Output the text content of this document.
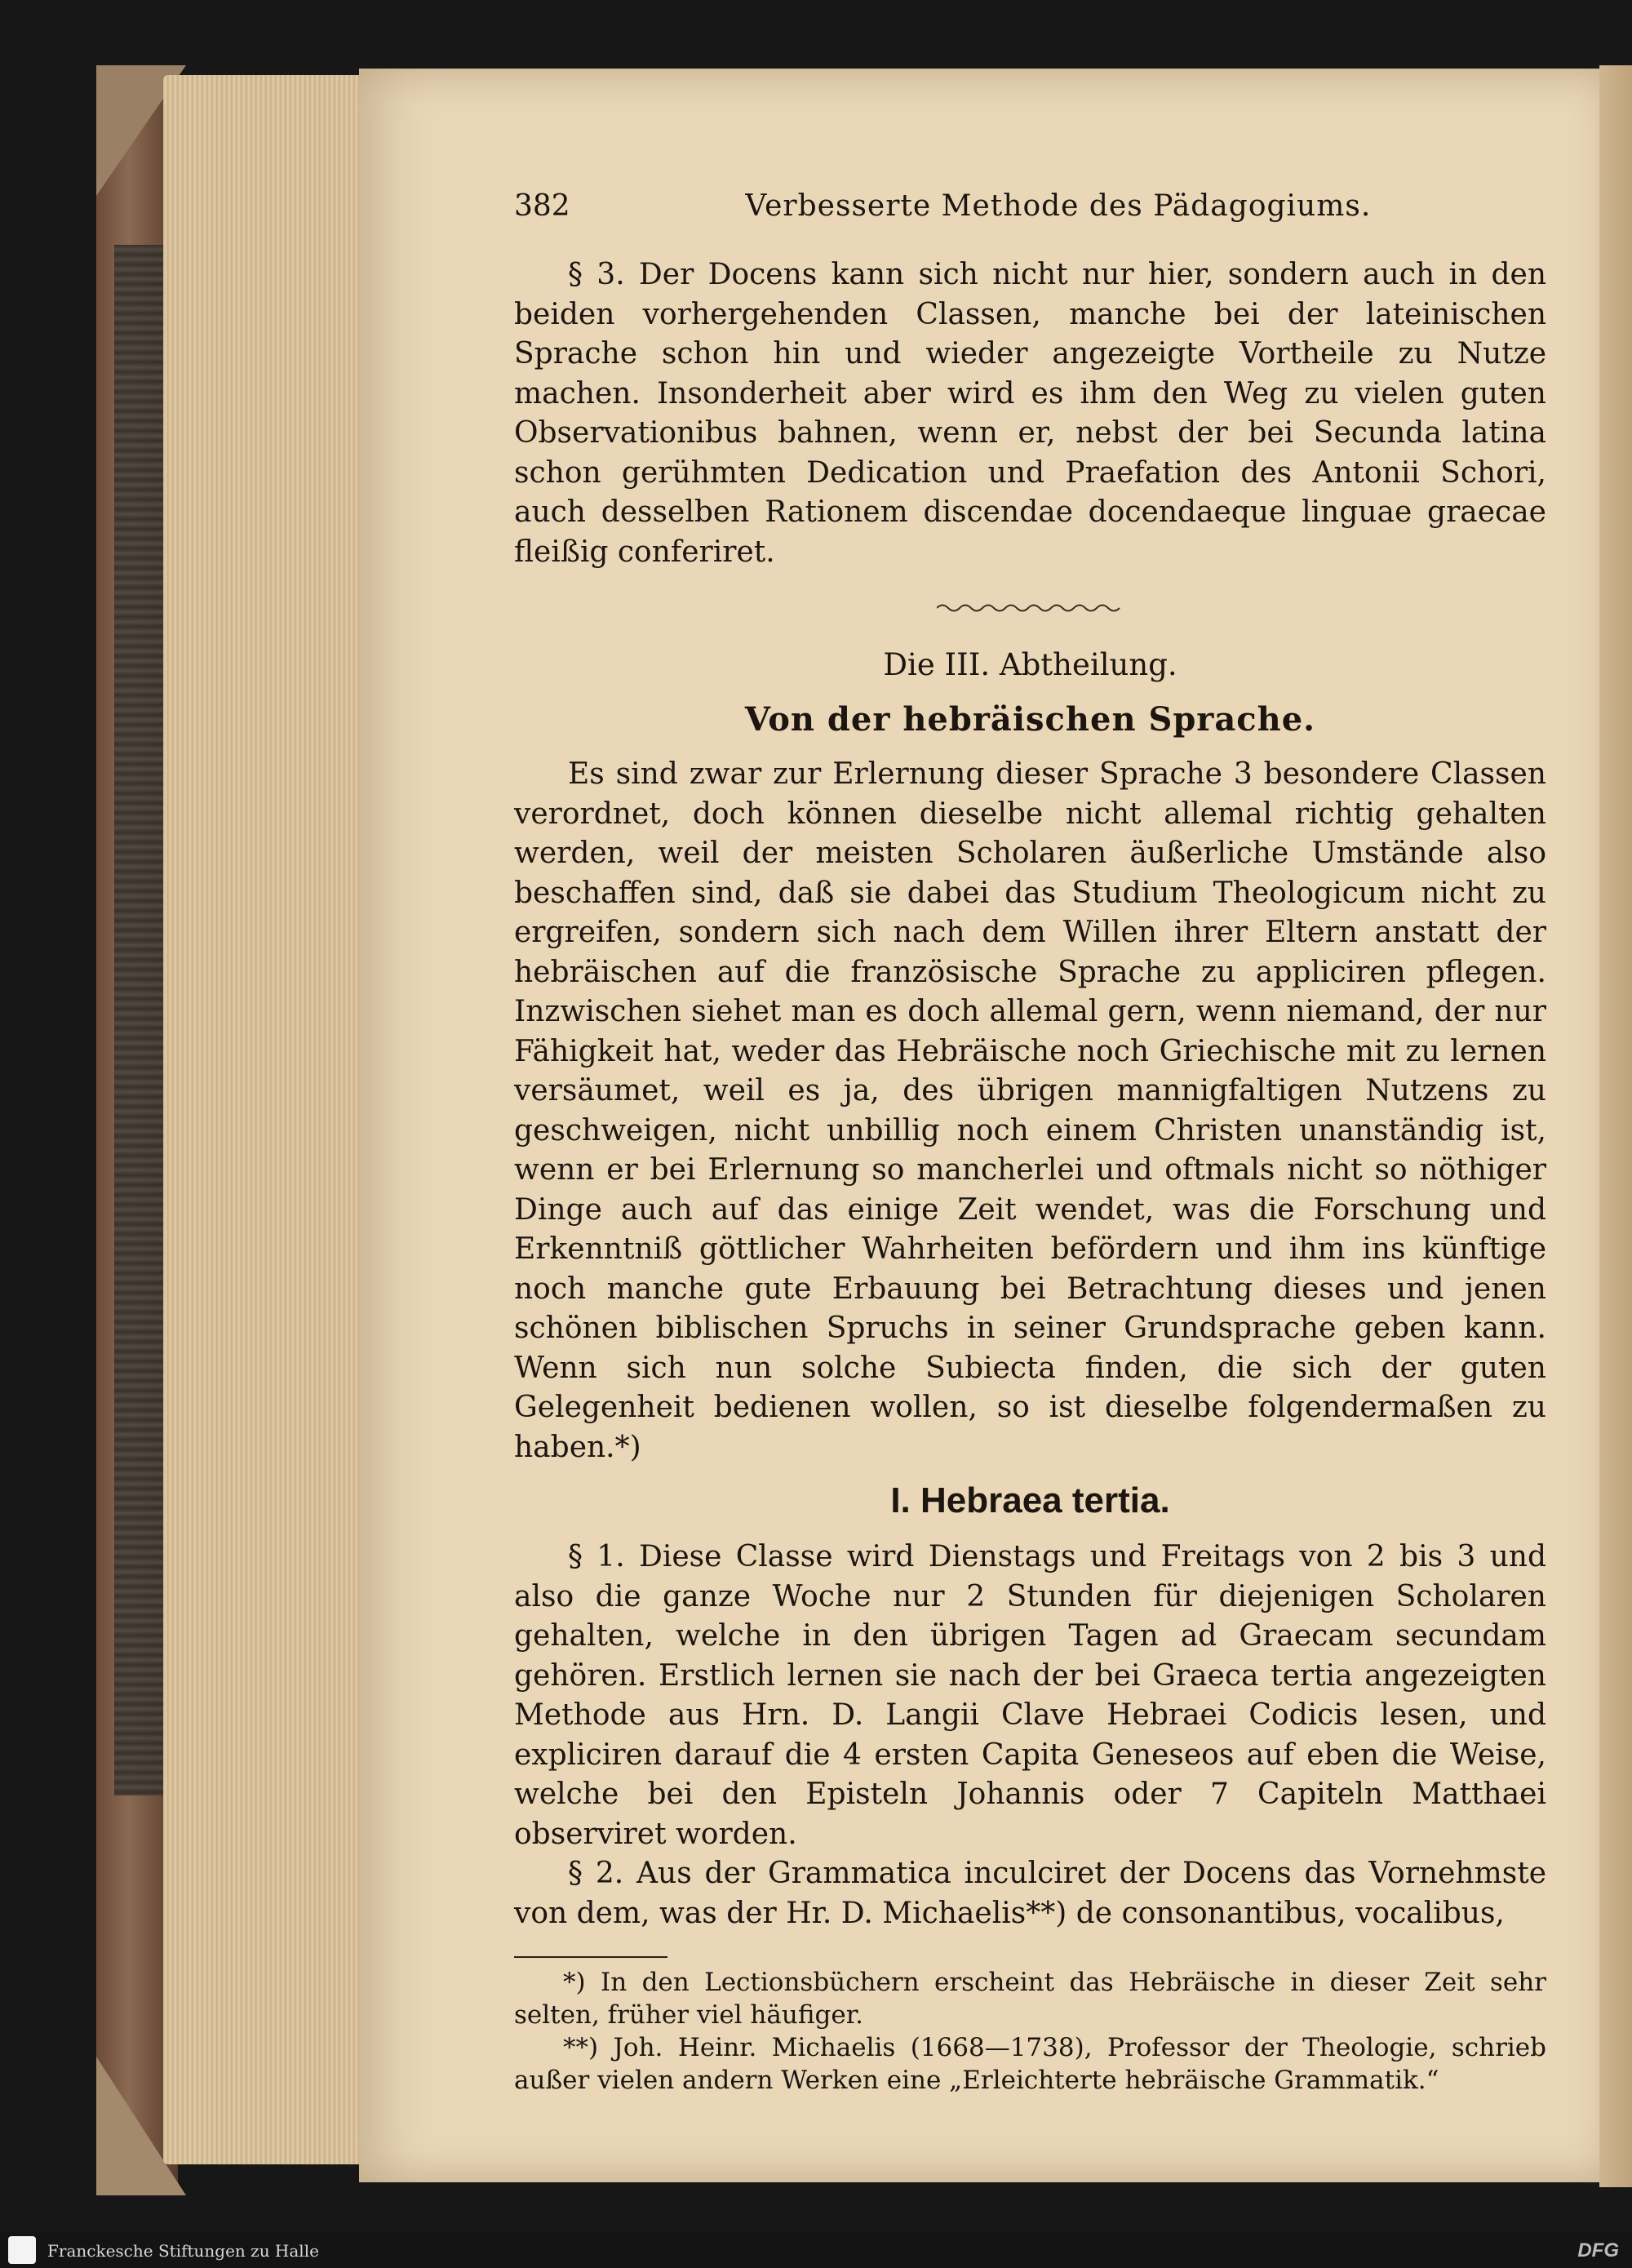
382	Verbesserte Methode des Pädagogiums.

§ 3. Der Docens kann sich nicht nur hier, sondern auch in den beiden vorhergehenden Classen, manche bei der lateinischen Sprache schon hin und wieder angezeigte Vortheile zu Nutze machen. Insonderheit aber wird es ihm den Weg zu vielen guten Observationibus bahnen, wenn er, nebst der bei Secunda latina schon gerühmten Dedication und Praefation des Antonii Schori, auch desselben Rationem discendae docendaeque linguae graecae fleißig conferiret.

Die III. Abtheilung.
Von der hebräischen Sprache.

Es sind zwar zur Erlernung dieser Sprache 3 besondere Classen verordnet, doch können dieselbe nicht allemal richtig gehalten werden, weil der meisten Scholaren äußerliche Umstände also beschaffen sind, daß sie dabei das Studium Theologicum nicht zu ergreifen, sondern sich nach dem Willen ihrer Eltern anstatt der hebräischen auf die französische Sprache zu appliciren pflegen. Inzwischen siehet man es doch allemal gern, wenn niemand, der nur Fähigkeit hat, weder das Hebräische noch Griechische mit zu lernen versäumet, weil es ja, des übrigen mannigfaltigen Nutzens zu geschweigen, nicht unbillig noch einem Christen unanständig ist, wenn er bei Erlernung so mancherlei und oftmals nicht so nöthiger Dinge auch auf das einige Zeit wendet, was die Forschung und Erkenntniß göttlicher Wahrheiten befördern und ihm ins künftige noch manche gute Erbauung bei Betrachtung dieses und jenen schönen biblischen Spruchs in seiner Grundsprache geben kann. Wenn sich nun solche Subiecta finden, die sich der guten Gelegenheit bedienen wollen, so ist dieselbe folgendermaßen zu haben.*)

I. Hebraea tertia.

§ 1. Diese Classe wird Dienstags und Freitags von 2 bis 3 und also die ganze Woche nur 2 Stunden für diejenigen Scholaren gehalten, welche in den übrigen Tagen ad Graecam secundam gehören. Erstlich lernen sie nach der bei Graeca tertia angezeigten Methode aus Hrn. D. Langii Clave Hebraei Codicis lesen, und expliciren darauf die 4 ersten Capita Geneseos auf eben die Weise, welche bei den Episteln Johannis oder 7 Capiteln Matthaei observiret worden.

§ 2. Aus der Grammatica inculciret der Docens das Vornehmste von dem, was der Hr. D. Michaelis**) de consonantibus, vocalibus,

*) In den Lectionsbüchern erscheint das Hebräische in dieser Zeit sehr selten, früher viel häufiger.

**) Joh. Heinr. Michaelis (1668—1738), Professor der Theologie, schrieb außer vielen andern Werken eine „Erleichterte hebräische Grammatik.“

Franckesche Stiftungen zu Halle	DFG
